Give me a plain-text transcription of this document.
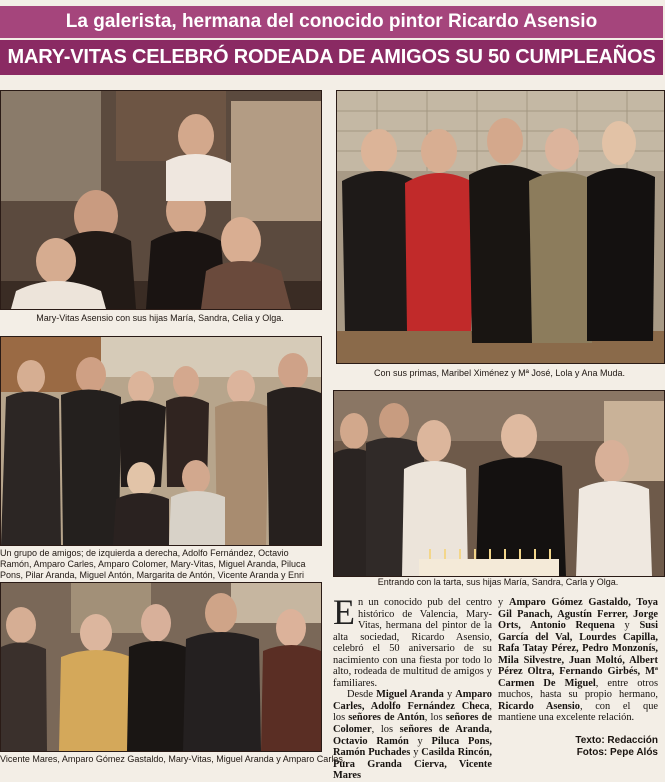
La galerista, hermana del conocido pintor Ricardo Asensio
MARY-VITAS CELEBRÓ RODEADA DE AMIGOS SU 50 CUMPLEAÑOS
Mary-Vitas Asensio con sus hijas María, Sandra, Celia y Olga.
Con sus primas, Maribel Ximénez y Mª José, Lola y Ana Muda.
Un grupo de amigos; de izquierda a derecha, Adolfo Fernández, Octavio Ramón, Amparo Carles, Amparo Colomer, Mary-Vitas, Miguel Aranda, Piluca Pons, Pilar Aranda, Miguel Antón, Margarita de Antón, Vicente Aranda y Enri
Entrando con la tarta, sus hijas María, Sandra, Carla y Olga.
Vicente Mares, Amparo Gómez Gastaldo, Mary-Vitas, Miguel Aranda y Amparo Carles.

En un conocido pub del centro histórico de Valencia, Mary-Vitas, hermana del pintor de la alta sociedad, Ricardo Asensio, celebró el 50 aniversario de su nacimiento con una fiesta por todo lo alto, rodeada de multitud de amigos y familiares.

Desde Miguel Aranda y Amparo Carles, Adolfo Fernández Checa, los señores de Antón, los señores de Colomer, los señores de Aranda, Octavio Ramón y Piluca Pons, Ramón Puchades y Casilda Rincón, Pura Granda Cierva, Vicente Mares

y Amparo Gómez Gastaldo, Toya Gil Panach, Agustín Ferrer, Jorge Orts, Antonio Requena y Susi García del Val, Lourdes Capilla, Rafa Tatay Pérez, Pedro Monzonís, Mila Silvestre, Juan Moltó, Albert Pérez Oltra, Fernando Girbés, Mª Carmen De Miguel, entre otros muchos, hasta su propio hermano, Ricardo Asensio, con el que mantiene una excelente relación.

Texto: Redacción
Fotos: Pepe Alós
